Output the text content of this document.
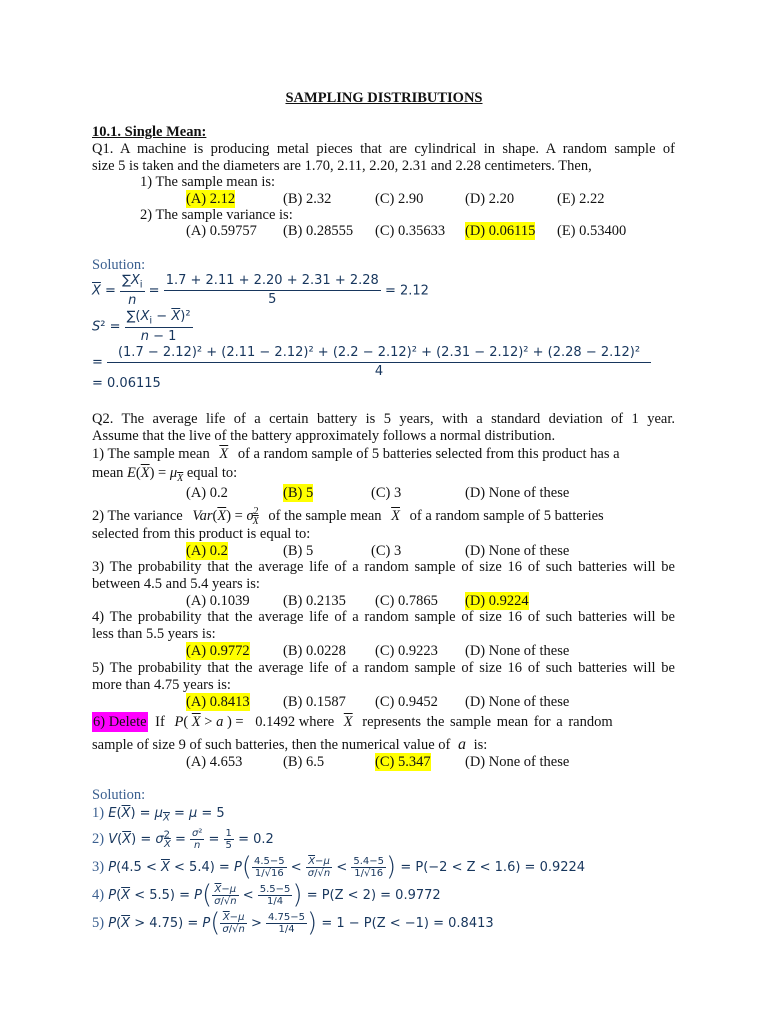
SAMPLING DISTRIBUTIONS
10.1. Single Mean:
Q1. A machine is producing metal pieces that are cylindrical in shape. A random sample of
size 5 is taken and the diameters are 1.70, 2.11, 2.20, 2.31 and 2.28 centimeters. Then,
1) The sample mean is:
(A) 2.12	(B) 2.32	(C) 2.90	(D) 2.20	(E) 2.22
2) The sample variance is:
(A) 0.59757 (B) 0.28555 (C) 0.35633 (D) 0.06115 (E) 0.53400
Solution:
$\overline{X} = \frac{\sum X_i}{n} = \frac{1.7 + 2.11 + 2.20 + 2.31 + 2.28}{5} = 2.12$
$S^2 = \frac{\sum(X_i - \overline{X})^2}{n - 1}$
=
(1.7 − 2.12)² + (2.11 − 2.12)² + (2.2 − 2.12)² + (2.31 − 2.12)² + (2.28 − 2.12)²
4
= 0.06115
Q2. The average life of a certain battery is 5 years, with a standard deviation of 1 year.
Assume that the live of the battery approximately follows a normal distribution.
1) The sample mean $\overline{X}$ of a random sample of 5 batteries selected from this product has a
mean $E(\overline{X}) = \mu_{\overline{X}}$ equal to:
(A) 0.2	(B) 5	(C) 3	(D) None of these
2) The variance $Var(\overline{X}) = \sigma^2_{\overline{X}}$ of the sample mean $\overline{X}$ of a random sample of 5 batteries
selected from this product is equal to:
(A) 0.2	(B) 5	(C) 3	(D) None of these
3) The probability that the average life of a random sample of size 16 of such batteries will be
between 4.5 and 5.4 years is:
(A) 0.1039 (B) 0.2135 (C) 0.7865 (D) 0.9224
4) The probability that the average life of a random sample of size 16 of such batteries will be
less than 5.5 years is:
(A) 0.9772 (B) 0.0228 (C) 0.9223 (D) None of these
5) The probability that the average life of a random sample of size 16 of such batteries will be
more than 4.75 years is:
(A) 0.8413 (B) 0.1587 (C) 0.9452 (D) None of these
6) Delete If P( $\overline{X} > a$ ) = 0.1492 where $\overline{X}$ represents the sample mean for a random
sample of size 9 of such batteries, then the numerical value of a is:
(A) 4.653	(B) 6.5	(C) 5.347 (D) None of these
Solution:
1) $E(\overline{X}) = \mu_{\overline{X}} = \mu = 5$
2) $V(\overline{X}) = \sigma^2_{\overline{X}} = \frac{\text{σ²}}{n} = \frac{1}{5} = 0.2$
3) $P(4.5 < \overline{X} < 5.4) = P( \frac{4.5-5}{1/√16} < \frac{\overline{X}-\mu}{\sigma/√n} < \frac{5.4-5}{1/√16}$ ) = P(−2 < Z < 1.6) = 0.9224
4) $P(\overline{X} < 5.5) = P( \frac{\overline{X}-\mu}{\sigma/√n} < \frac{5.5-5}{1/4}$ ) = P(Z < 2) = 0.9772
5) $P(\overline{X} > 4.75) = P( \frac{\overline{X}-\mu}{\sigma/√n} > \frac{4.75-5}{1/4}$ ) = 1 − P(Z < −1) = 0.8413
